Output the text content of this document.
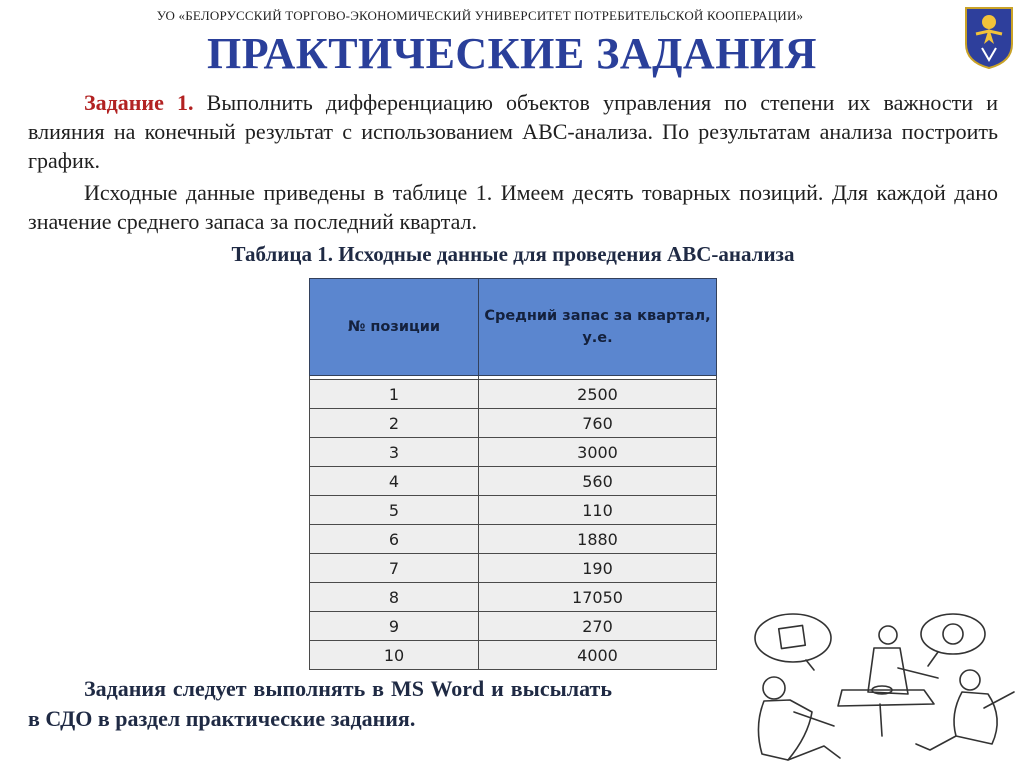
УО «БЕЛОРУССКИЙ ТОРГОВО-ЭКОНОМИЧЕСКИЙ УНИВЕРСИТЕТ ПОТРЕБИТЕЛЬСКОЙ КООПЕРАЦИИ»
ПРАКТИЧЕСКИЕ ЗАДАНИЯ
Задание 1. Выполнить дифференциацию объектов управления по степени их важности и влияния на конечный результат с использованием АВС-анализа. По результатам анализа построить график.
Исходные данные приведены в таблице 1. Имеем десять товарных позиций. Для каждой дано значение среднего запаса за последний квартал.
Таблица 1. Исходные данные для проведения АВС-анализа
№ позиции	Средний запас за квартал, у.е.

1	2500
2	760
3	3000
4	560
5	110
6	1880
7	190
8	17050
9	270
10	4000
Задания следует выполнять в MS Word и высылать в СДО в раздел практические задания.
